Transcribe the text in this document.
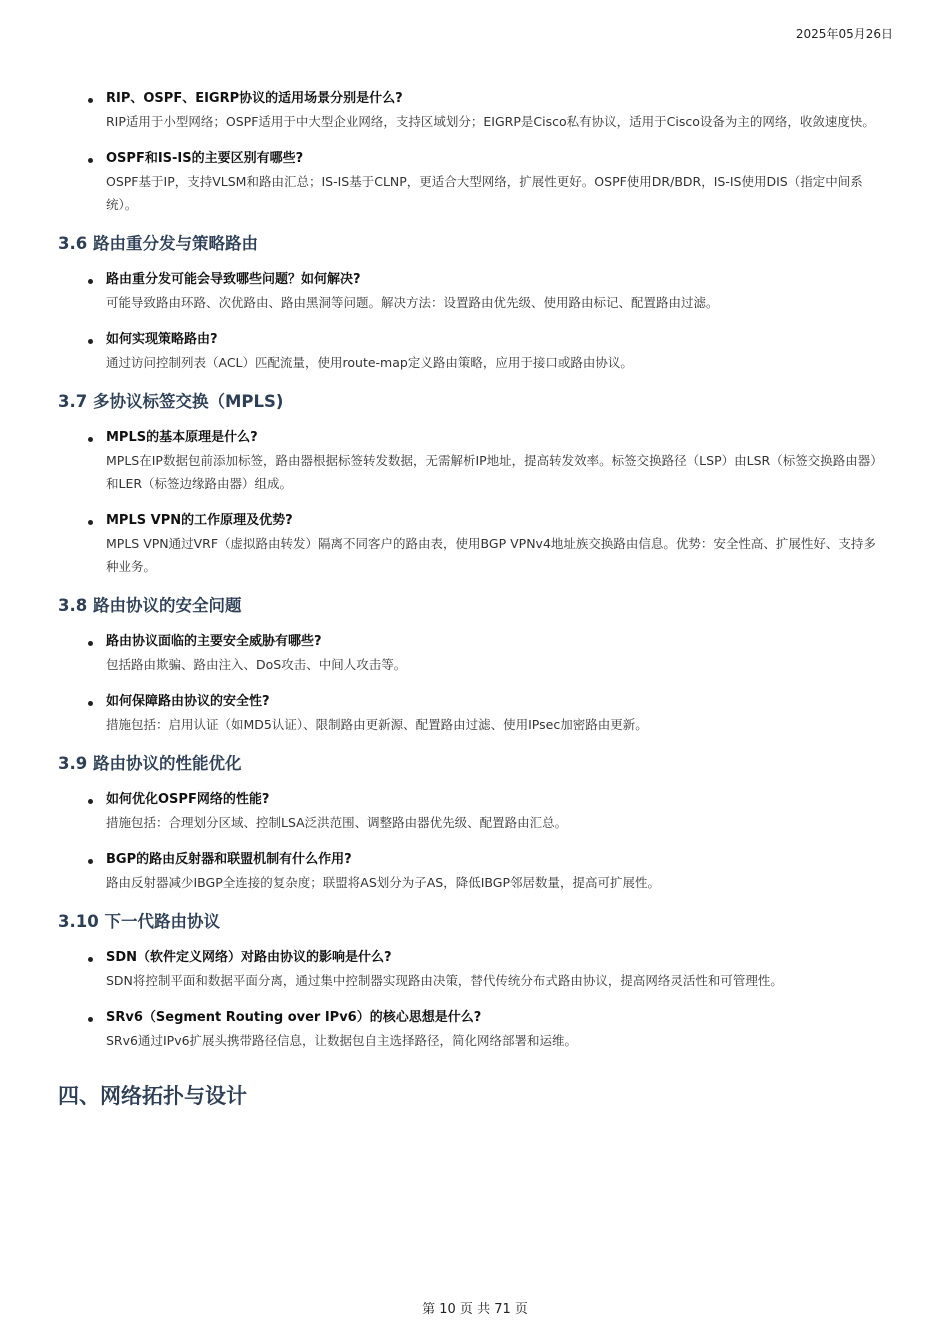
2025年05月26日

RIP、OSPF、EIGRP协议的适用场景分别是什么?

RIP适用于小型网络；OSPF适用于中大型企业网络，支持区域划分；EIGRP是Cisco私有协议，适用于Cisco设备为主的网络，收敛速度快。

OSPF和IS-IS的主要区别有哪些?

OSPF基于IP，支持VLSM和路由汇总；IS-IS基于CLNP，更适合大型网络，扩展性更好。OSPF使用DR/BDR，IS-IS使用DIS（指定中间系统）。

3.6 路由重分发与策略路由

路由重分发可能会导致哪些问题？如何解决?

可能导致路由环路、次优路由、路由黑洞等问题。解决方法：设置路由优先级、使用路由标记、配置路由过滤。

如何实现策略路由?

通过访问控制列表（ACL）匹配流量，使用route-map定义路由策略，应用于接口或路由协议。

3.7 多协议标签交换（MPLS)

MPLS的基本原理是什么?

MPLS在IP数据包前添加标签，路由器根据标签转发数据，无需解析IP地址，提高转发效率。标签交换路径（LSP）由LSR（标签交换路由器）和LER（标签边缘路由器）组成。

MPLS VPN的工作原理及优势?

MPLS VPN通过VRF（虚拟路由转发）隔离不同客户的路由表，使用BGP VPNv4地址族交换路由信息。优势：安全性高、扩展性好、支持多种业务。

3.8 路由协议的安全问题

路由协议面临的主要安全威胁有哪些?

包括路由欺骗、路由注入、DoS攻击、中间人攻击等。

如何保障路由协议的安全性?

措施包括：启用认证（如MD5认证）、限制路由更新源、配置路由过滤、使用IPsec加密路由更新。

3.9 路由协议的性能优化

如何优化OSPF网络的性能?

措施包括：合理划分区域、控制LSA泛洪范围、调整路由器优先级、配置路由汇总。

BGP的路由反射器和联盟机制有什么作用?

路由反射器减少IBGP全连接的复杂度；联盟将AS划分为子AS，降低IBGP邻居数量，提高可扩展性。

3.10 下一代路由协议

SDN（软件定义网络）对路由协议的影响是什么?

SDN将控制平面和数据平面分离，通过集中控制器实现路由决策，替代传统分布式路由协议，提高网络灵活性和可管理性。

SRv6（Segment Routing over IPv6）的核心思想是什么?

SRv6通过IPv6扩展头携带路径信息，让数据包自主选择路径，简化网络部署和运维。

四、网络拓扑与设计
第 10 页 共 71 页
